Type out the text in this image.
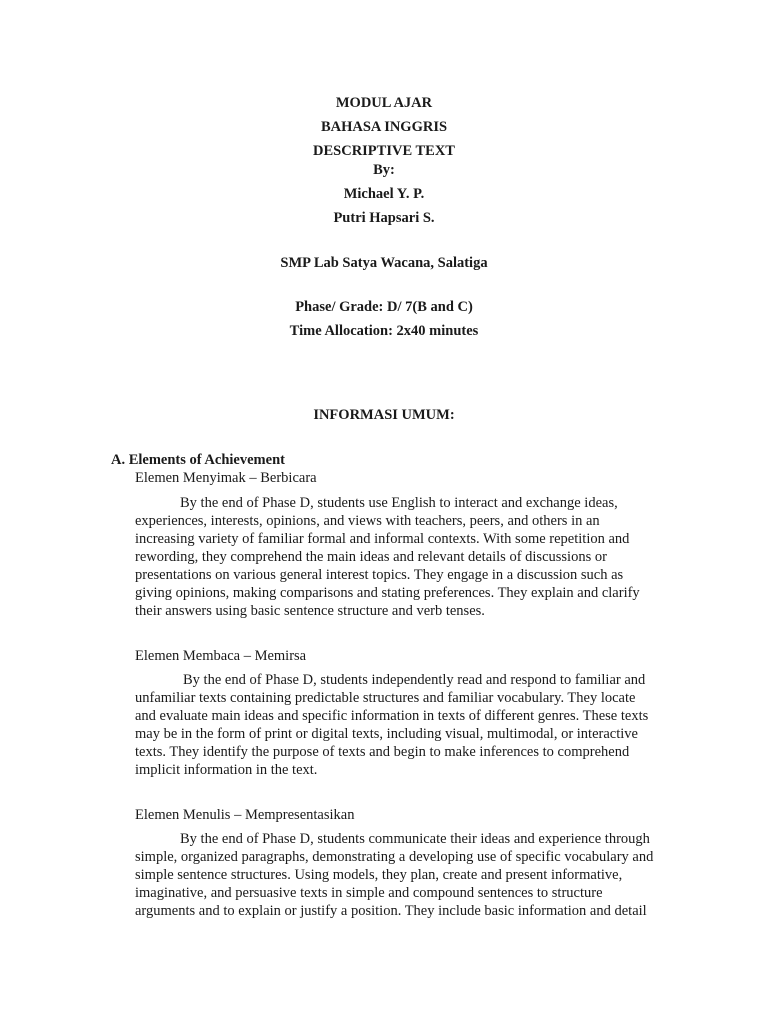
MODUL AJAR
BAHASA INGGRIS
DESCRIPTIVE TEXT
By:
Michael Y. P.
Putri Hapsari S.
SMP Lab Satya Wacana, Salatiga
Phase/ Grade: D/ 7(B and C)
Time Allocation: 2x40 minutes
INFORMASI UMUM:
A. Elements of Achievement
Elemen Menyimak – Berbicara
By the end of Phase D, students use English to interact and exchange ideas,
experiences, interests, opinions, and views with teachers, peers, and others in an
increasing variety of familiar formal and informal contexts. With some repetition and
rewording, they comprehend the main ideas and relevant details of discussions or
presentations on various general interest topics. They engage in a discussion such as
giving opinions, making comparisons and stating preferences. They explain and clarify
their answers using basic sentence structure and verb tenses.
Elemen Membaca – Memirsa
By the end of Phase D, students independently read and respond to familiar and
unfamiliar texts containing predictable structures and familiar vocabulary. They locate
and evaluate main ideas and specific information in texts of different genres. These texts
may be in the form of print or digital texts, including visual, multimodal, or interactive
texts. They identify the purpose of texts and begin to make inferences to comprehend
implicit information in the text.
Elemen Menulis – Mempresentasikan
By the end of Phase D, students communicate their ideas and experience through
simple, organized paragraphs, demonstrating a developing use of specific vocabulary and
simple sentence structures. Using models, they plan, create and present informative,
imaginative, and persuasive texts in simple and compound sentences to structure
arguments and to explain or justify a position. They include basic information and detail
